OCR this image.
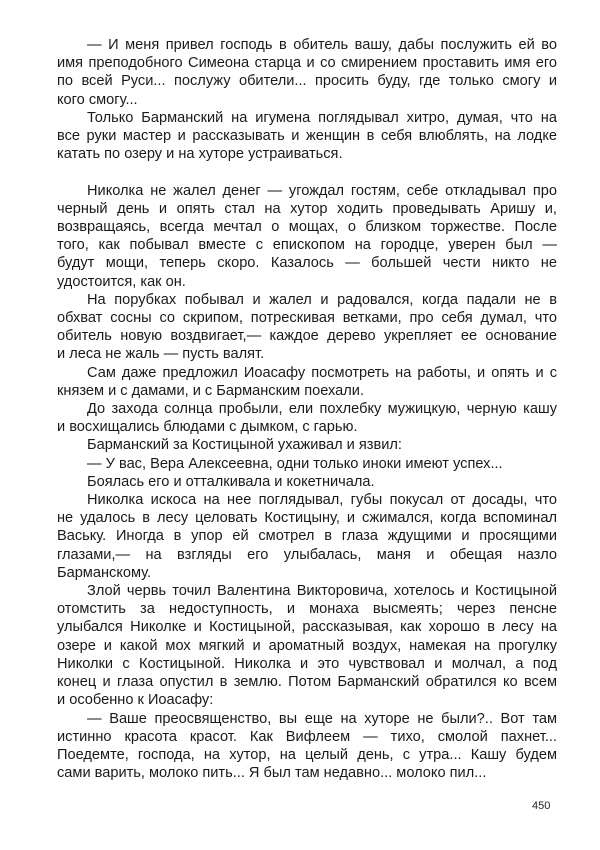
— И меня привел господь в обитель вашу, дабы послужить ей во
имя преподобного Симеона старца и со смирением проставить имя его
по всей Руси... послужу обители... просить буду, где только смогу и
кого смогу...
Только Барманский на игумена поглядывал хитро, думая, что на
все руки мастер и рассказывать и женщин в себя влюблять, на лодке
катать по озеру и на хуторе устраиваться.
Николка не жалел денег — угождал гостям, себе откладывал про
черный день и опять стал на хутор ходить проведывать Аришу и,
возвращаясь, всегда мечтал о мощах, о близком торжестве. После
того, как побывал вместе с епископом на городце, уверен был —
будут мощи, теперь скоро. Казалось — большей чести никто не
удостоится, как он.
На порубках побывал и жалел и радовался, когда падали не в
обхват сосны со скрипом, потрескивая ветками, про себя думал, что
обитель новую воздвигает,— каждое дерево укрепляет ее основание
и леса не жаль — пусть валят.
Сам даже предложил Иоасафу посмотреть на работы, и опять и с
князем и с дамами, и с Барманским поехали.
До захода солнца пробыли, ели похлебку мужицкую, черную кашу
и восхищались блюдами с дымком, с гарью.
Барманский за Костицыной ухаживал и язвил:
— У вас, Вера Алексеевна, одни только иноки имеют успех...
Боялась его и отталкивала и кокетничала.
Николка искоса на нее поглядывал, губы покусал от досады, что
не удалось в лесу целовать Костицыну, и сжимался, когда вспоминал
Ваську. Иногда в упор ей смотрел в глаза ждущими и просящими
глазами,— на взгляды его улыбалась, маня и обещая назло
Барманскому.
Злой червь точил Валентина Викторовича, хотелось и Костицыной
отомстить за недоступность, и монаха высмеять; через пенсне
улыбался Николке и Костицыной, рассказывая, как хорошо в лесу на
озере и какой мох мягкий и ароматный воздух, намекая на прогулку
Николки с Костицыной. Николка и это чувствовал и молчал, а под
конец и глаза опустил в землю. Потом Барманский обратился ко всем
и особенно к Иоасафу:
— Ваше преосвященство, вы еще на хуторе не были?.. Вот там
истинно красота красот. Как Вифлеем — тихо, смолой пахнет...
Поедемте, господа, на хутор, на целый день, с утра... Кашу будем
сами варить, молоко пить... Я был там недавно... молоко пил...
450
